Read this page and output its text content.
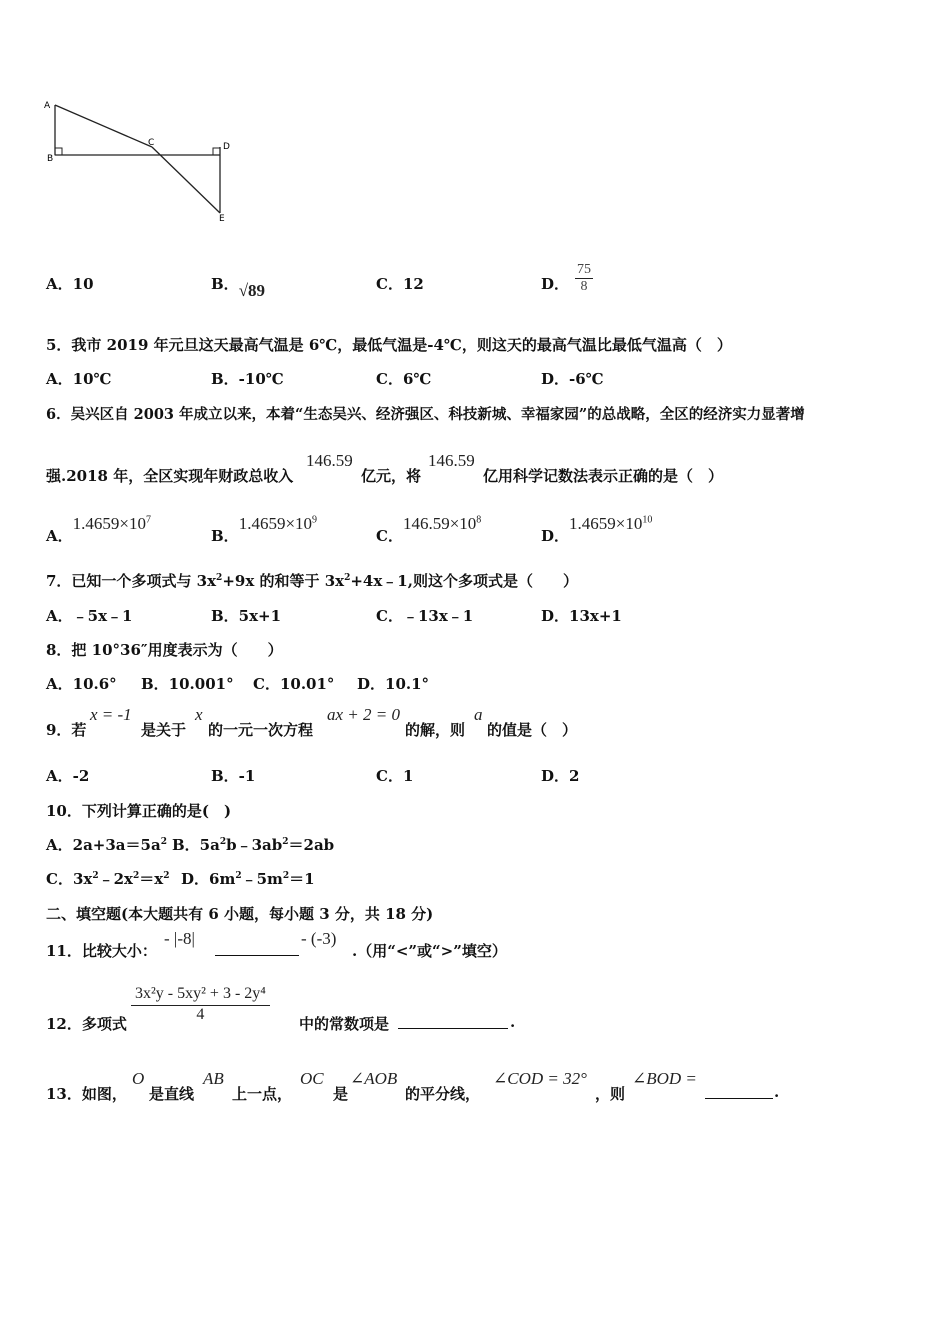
A
B
C	D
E
A．10	B．√89	C．12	D． $\frac{75}{8}$
5．我市 2019 年元旦这天最高气温是 6℃，最低气温是-4℃，则这天的最高气温比最低气温高（　）
A．10℃	B．-10℃	C．6℃	D．-6℃
6．吴兴区自 2003 年成立以来，本着“生态吴兴、经济强区、科技新城、幸福家园”的总战略，全区的经济实力显著增
强.2018 年，全区实现年财政总收入
146.59
亿元，将
146.59
亿用科学记数法表示正确的是（　）
A．$1.4659\times 10^7$
B．$1.4659\times 10^9$
C．$146.59\times 10^8$
D．$1.4659\times 10^{10}$
7．已知一个多项式与 $3x^2+9x$ 的和等于 $3x^2+4x﹣1$,则这个多项式是（　　）
A．﹣5x﹣1	B．5x+1	C．﹣13x﹣1	D．13x+1
8．把 10°36″用度表示为（　　）
A．10.6° B．10.001° C．10.01° D．10.1°
9．若
x = -1
是关于
x
的一元一次方程
ax + 2 = 0
的解，则
a
的值是（　）
A．-2	B．-1	C．1	D．2
10．下列计算正确的是(　)
A．$2a+3a=5a^2$ B．$5a^2b﹣3ab^2=2ab$
C．$3x^2﹣2x^2=x^2$ D．$6m^2﹣5m^2=1$
二、填空题(本大题共有 6 小题，每小题 3 分，共 18 分)
11．比较大小：
- |-8|	- (-3)
.（用“<”或“>”填空）
12．多项式 $\frac{\text{3x²y - 5xy² + 3 - 2y⁴}}{4}$ 中的常数项是	.
13．如图，
O
是直线
AB
上一点，
OC
是
∠AOB
的平分线，
∠COD = 32°
，则
∠BOD =
.
